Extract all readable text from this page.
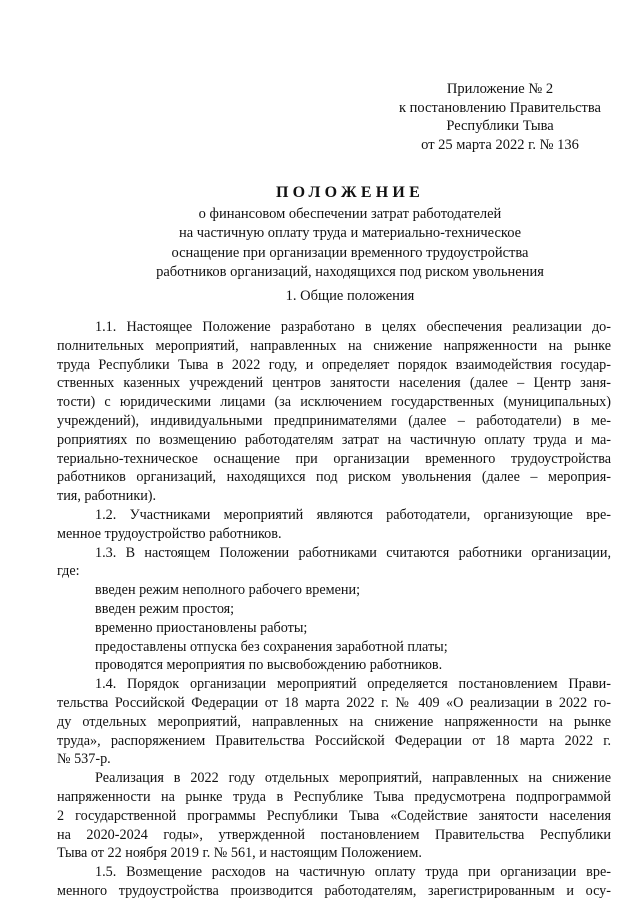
Приложение № 2
к постановлению Правительства
Республики Тыва
от 25 марта 2022 г. № 136
ПОЛОЖЕНИЕ
о финансовом обеспечении затрат работодателей
на частичную оплату труда и материально-техническое
оснащение при организации временного трудоустройства
работников организаций, находящихся под риском увольнения
1. Общие положения
1.1. Настоящее Положение разработано в целях обеспечения реализации до-
полнительных мероприятий, направленных на снижение напряженности на рынке
труда Республики Тыва в 2022 году, и определяет порядок взаимодействия государ-
ственных казенных учреждений центров занятости населения (далее – Центр заня-
тости) с юридическими лицами (за исключением государственных (муниципальных)
учреждений), индивидуальными предпринимателями (далее – работодатели) в ме-
роприятиях по возмещению работодателям затрат на частичную оплату труда и ма-
териально-техническое оснащение при организации временного трудоустройства
работников организаций, находящихся под риском увольнения (далее – мероприя-
тия, работники).
1.2. Участниками мероприятий являются работодатели, организующие вре-
менное трудоустройство работников.
1.3. В настоящем Положении работниками считаются работники организации,
где:
введен режим неполного рабочего времени;
введен режим простоя;
временно приостановлены работы;
предоставлены отпуска без сохранения заработной платы;
проводятся мероприятия по высвобождению работников.
1.4. Порядок организации мероприятий определяется постановлением Прави-
тельства Российской Федерации от 18 марта 2022 г. № 409 «О реализации в 2022 го-
ду отдельных мероприятий, направленных на снижение напряженности на рынке
труда», распоряжением Правительства Российской Федерации от 18 марта 2022 г.
№ 537-р.
Реализация в 2022 году отдельных мероприятий, направленных на снижение
напряженности на рынке труда в Республике Тыва предусмотрена подпрограммой
2 государственной программы Республики Тыва «Содействие занятости населения
на 2020-2024 годы», утвержденной постановлением Правительства Республики
Тыва от 22 ноября 2019 г. № 561, и настоящим Положением.
1.5. Возмещение расходов на частичную оплату труда при организации вре-
менного трудоустройства производится работодателям, зарегистрированным и осу-
